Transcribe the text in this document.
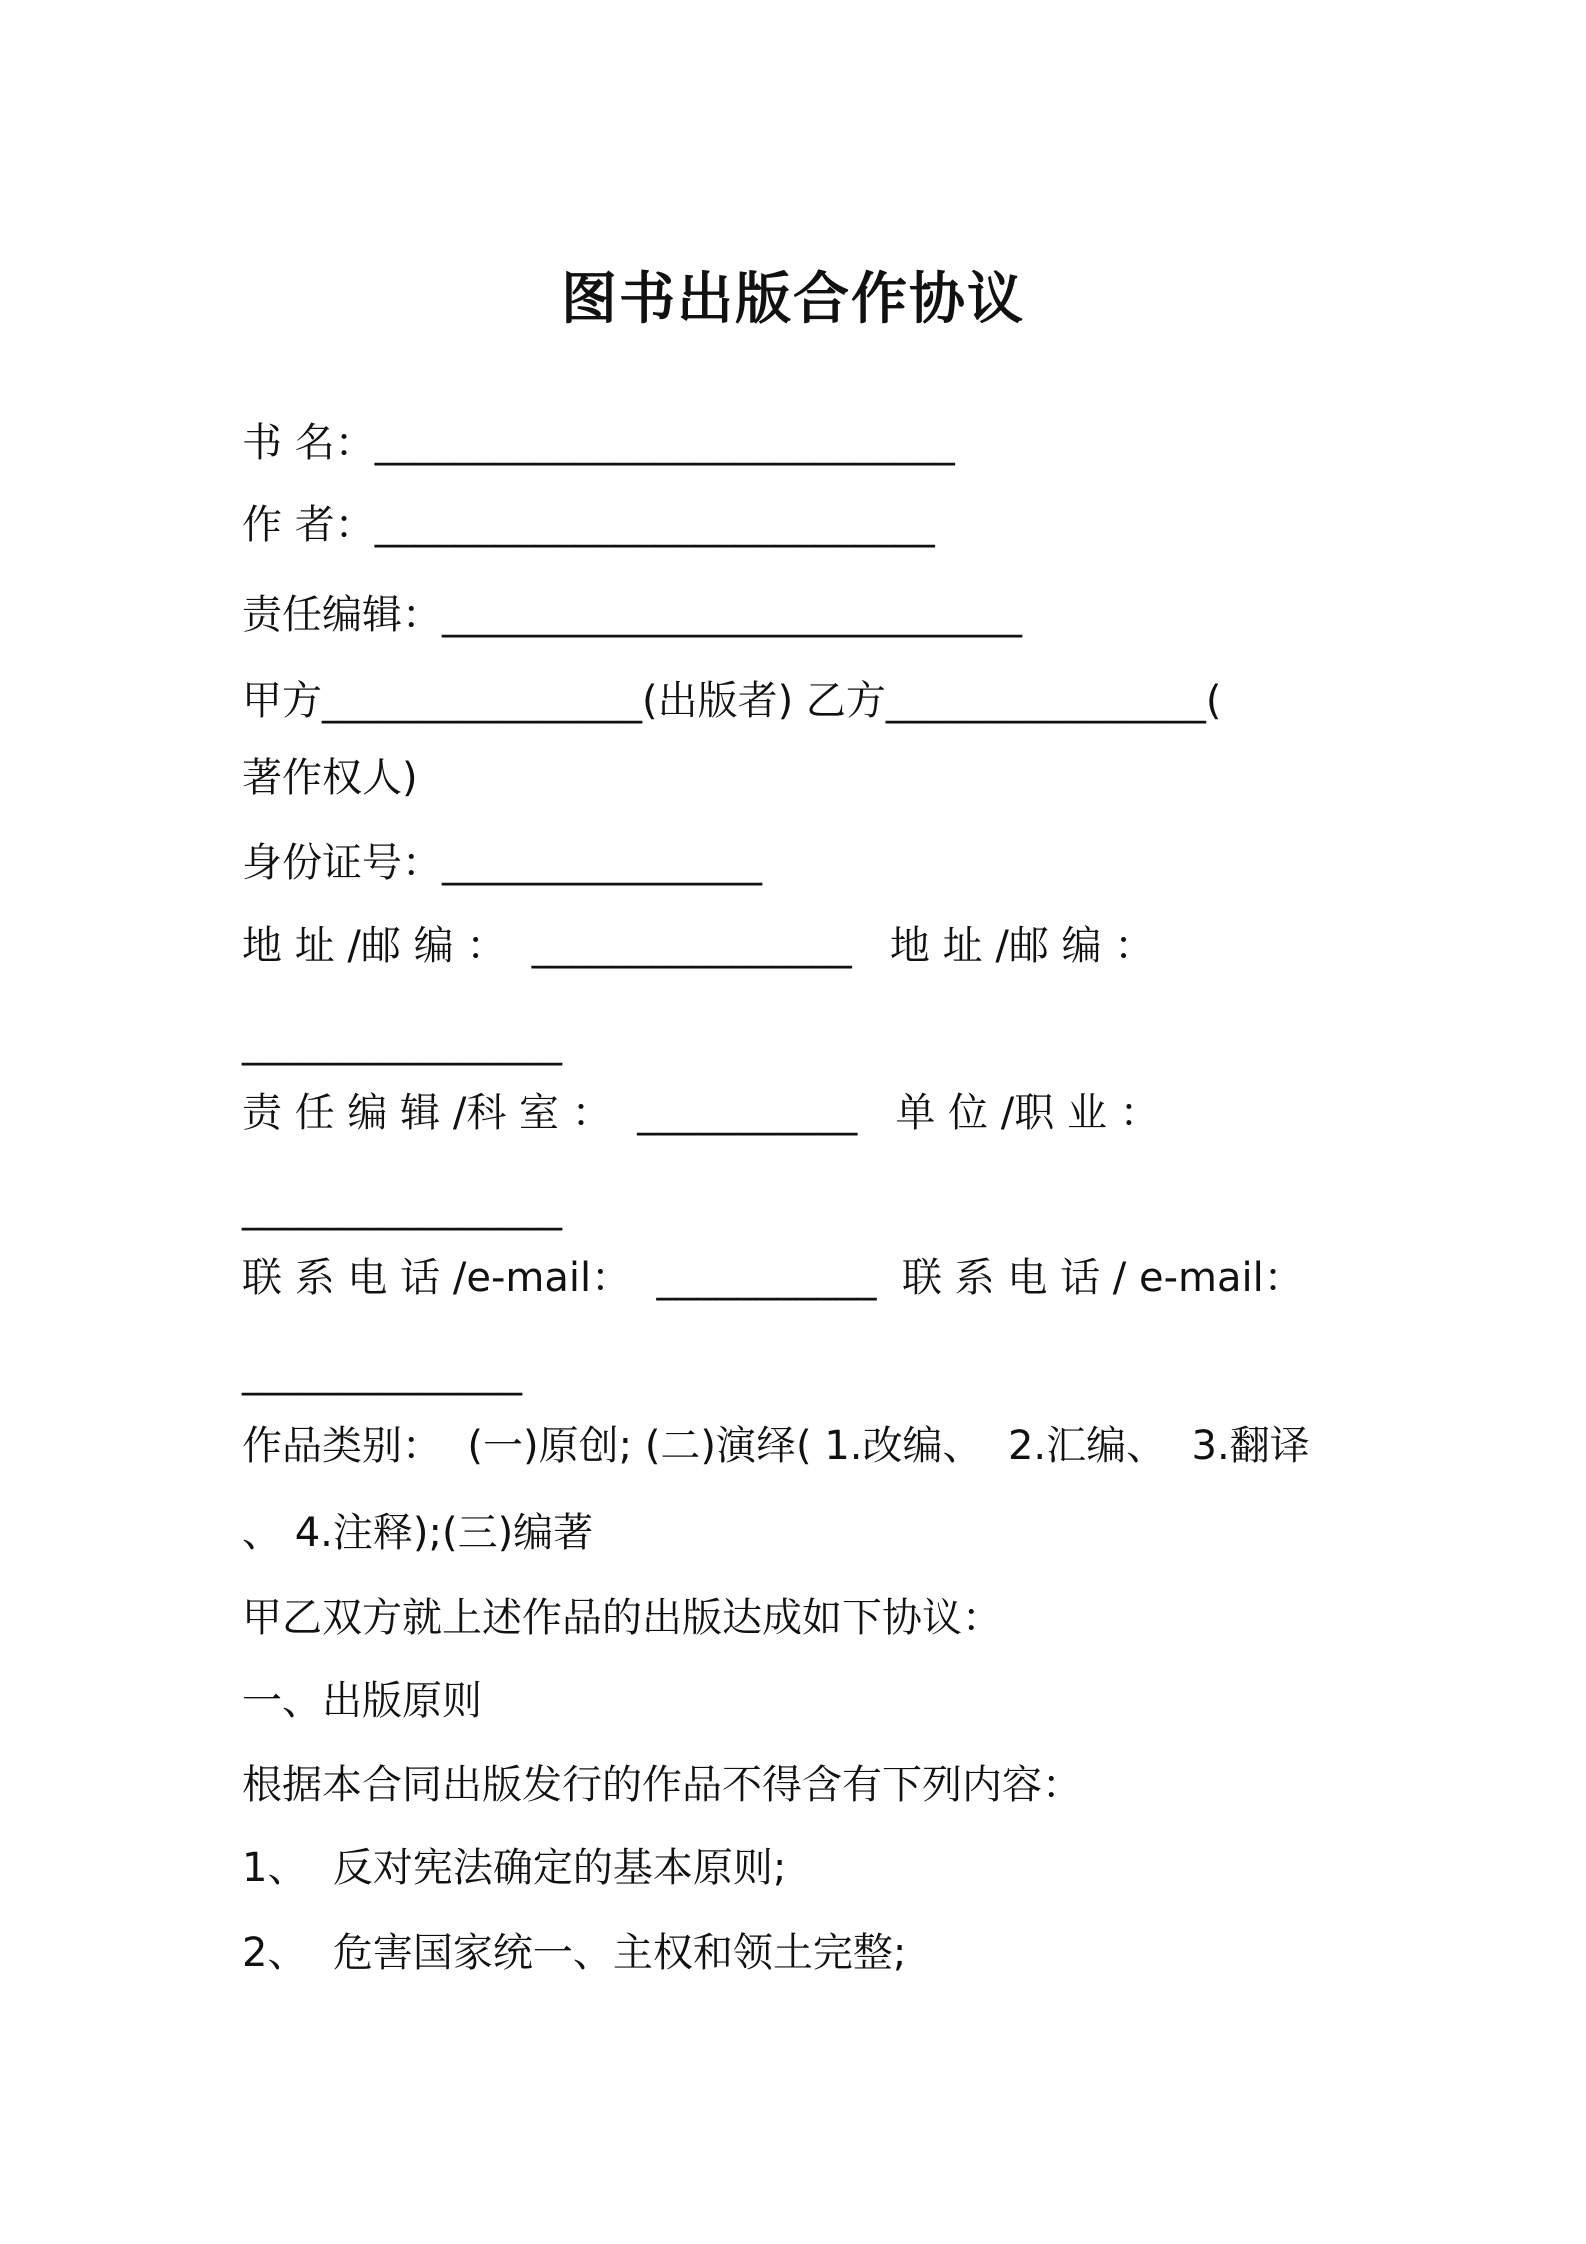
图书出版合作协议
书 名：_____________________________
作 者：____________________________
责任编辑：_____________________________
甲方________________(出版者) 乙方________________(
著作权人)
身份证号：________________
地 址 /邮 编 ：  ________________   地 址 /邮 编 ：
________________
责 任 编 辑 /科 室 ：  ___________   单 位 /职 业 ：
________________
联 系 电 话 /e-mail：  ___________  联 系 电 话 / e-mail：
______________
作品类别：  (一)原创; (二)演绎( 1.改编、  2.汇编、  3.翻译
、 4.注释);(三)编著
甲乙双方就上述作品的出版达成如下协议：
一、出版原则
根据本合同出版发行的作品不得含有下列内容：
1、  反对宪法确定的基本原则;
2、  危害国家统一、主权和领土完整;
